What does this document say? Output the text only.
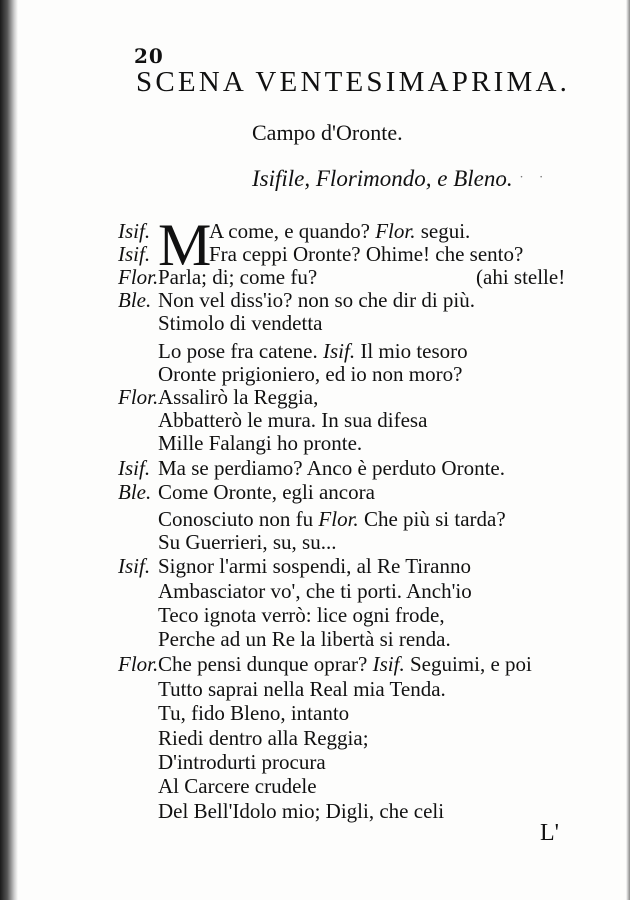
20
SCENA VENTESIMAPRIMA.
Campo d'Oronte.
Isifile, Florimondo, e Bleno.
· · ·
Isif.	A come, e quando? Flor. segui.
M
Isif.	Fra ceppi Oronte? Ohime! che sento?
Flor.Parla; di; come fu?	(ahi stelle!
Ble. Non vel diss'io? non so che dir di più.
Stimolo di vendetta
Lo pose fra catene. Isif. Il mio tesoro
Oronte prigioniero, ed io non moro?
Flor.Assalirò la Reggia,
Abbatterò le mura. In sua difesa
Mille Falangi ho pronte.
Isif. Ma se perdiamo? Anco è perduto Oronte.
Ble. Come Oronte, egli ancora
Conosciuto non fu Flor. Che più si tarda?
Su Guerrieri, su, su...
Isif. Signor l'armi sospendi, al Re Tiranno
Ambasciator vo', che ti porti. Anch'io
Teco ignota verrò: lice ogni frode,
Perche ad un Re la libertà si renda.
Flor.Che pensi dunque oprar? Isif. Seguimi, e poi
Tutto saprai nella Real mia Tenda.
Tu, fido Bleno, intanto
Riedi dentro alla Reggia;
D'introdurti procura
Al Carcere crudele
Del Bell'Idolo mio; Digli, che celi
L'
